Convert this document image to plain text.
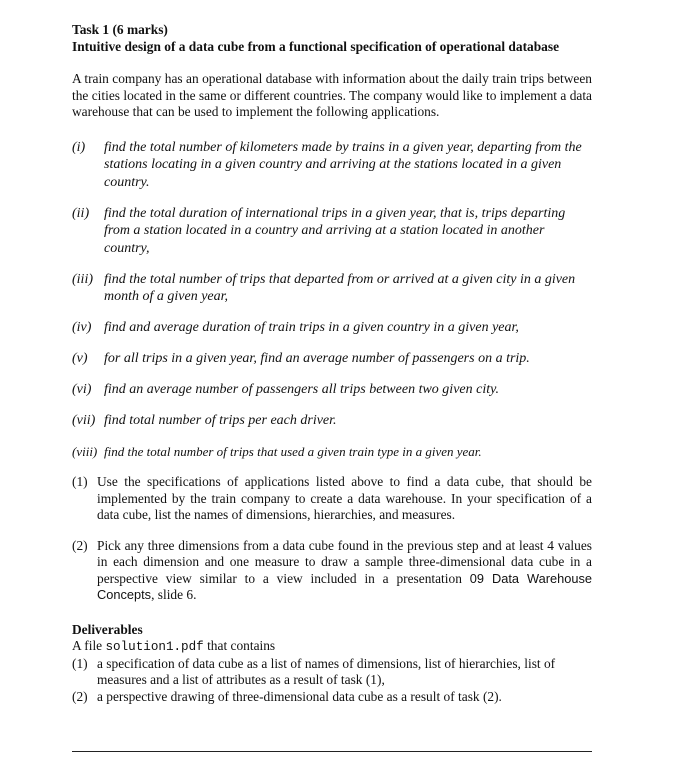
Task 1 (6 marks)

Intuitive design of a data cube from a functional specification of operational database

A train company has an operational database with information about the daily train trips between the cities located in the same or different countries. The company would like to implement a data warehouse that can be used to implement the following applications.

(i)	find the total number of kilometers made by trains in a given year, departing from the stations locating in a given country and arriving at the stations located in a given country.
(ii)	find the total duration of international trips in a given year, that is, trips departing from a station located in a country and arriving at a station located in another country,
(iii) find the total number of trips that departed from or arrived at a given city in a given month of a given year,
(iv) find and average duration of train trips in a given country in a given year,
(v)	for all trips in a given year, find an average number of passengers on a trip.
(vi) find an average number of passengers all trips between two given city.
(vii) find total number of trips per each driver.
(viii) find the total number of trips that used a given train type in a given year.
(1) Use the specifications of applications listed above to find a data cube, that should be implemented by the train company to create a data warehouse. In your specification of a data cube, list the names of dimensions, hierarchies, and measures.
(2) Pick any three dimensions from a data cube found in the previous step and at least 4 values in each dimension and one measure to draw a sample three-dimensional data cube in a perspective view similar to a view included in a presentation 09 Data Warehouse Concepts, slide 6.

Deliverables

A file solution1.pdf that contains

(1) a specification of data cube as a list of names of dimensions, list of hierarchies, list of measures and a list of attributes as a result of task (1),
(2) a perspective drawing of three-dimensional data cube as a result of task (2).
